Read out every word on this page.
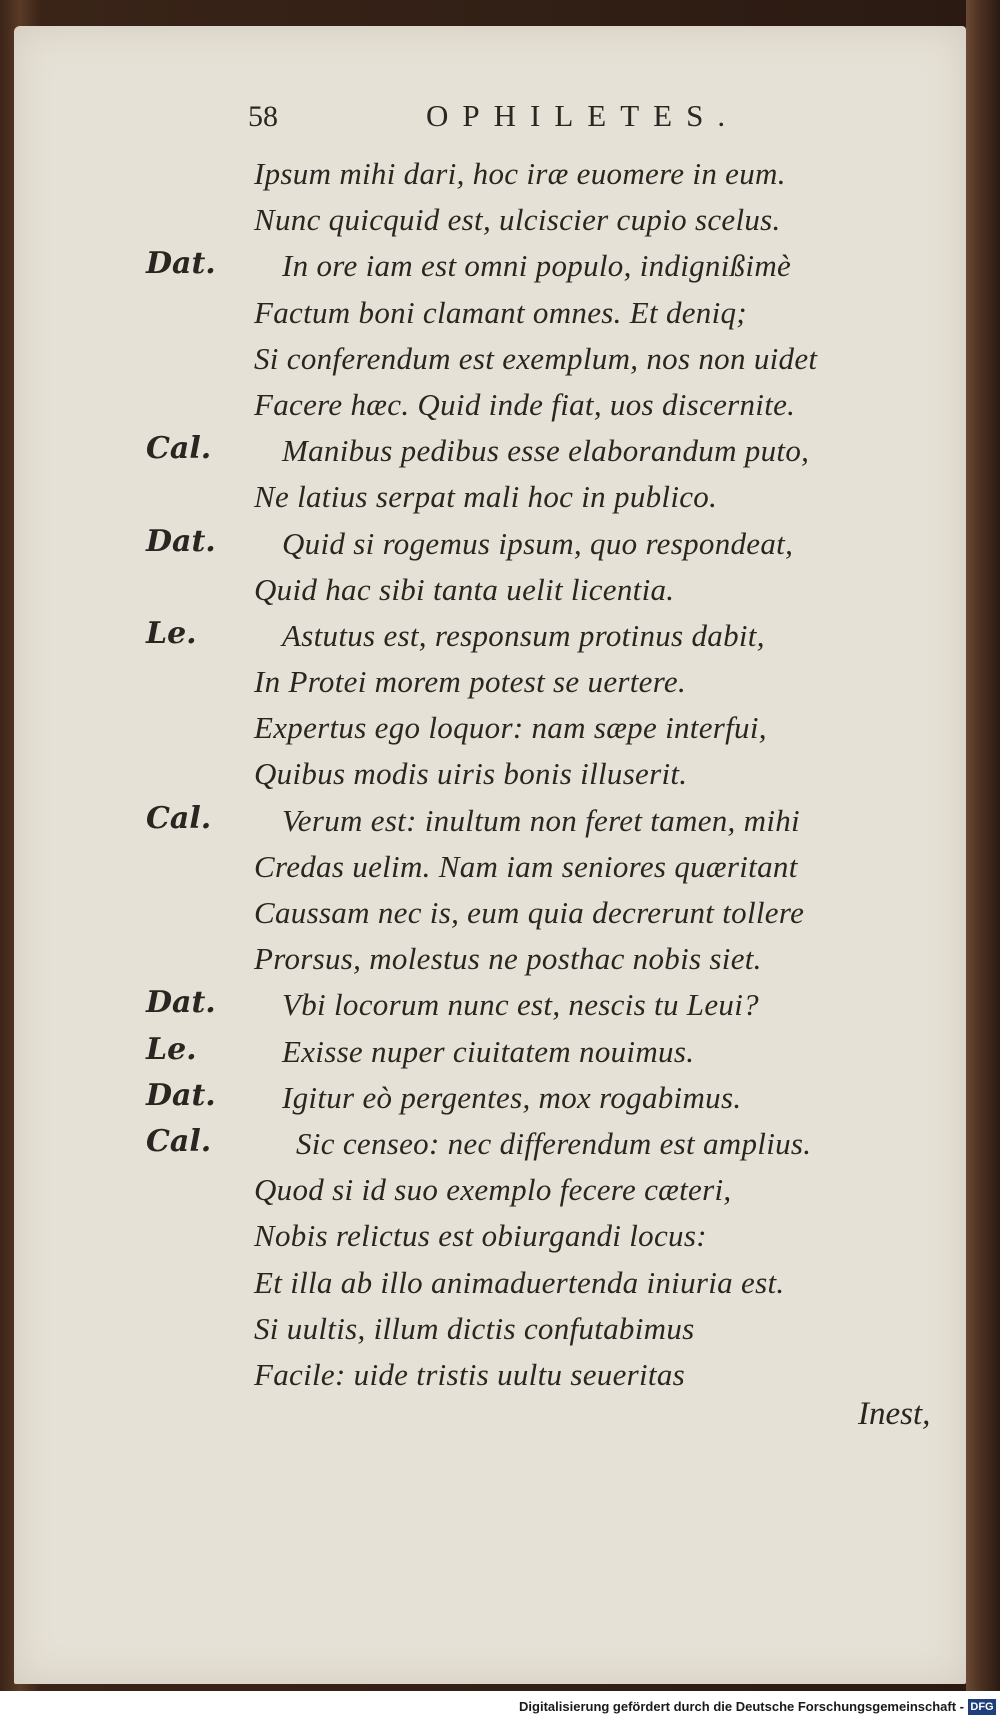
58	OPHILETES.
Ipsum mihi dari, hoc iræ euomere in eum.
Nunc quicquid est, ulciscier cupio scelus.
Dat. In ore iam est omni populo, indignißimè
Factum boni clamant omnes. Et deniq;
Si conferendum est exemplum, nos non uidet
Facere hæc. Quid inde fiat, uos discernite.
Cal. Manibus pedibus esse elaborandum puto,
Ne latius serpat mali hoc in publico.
Dat. Quid si rogemus ipsum, quo respondeat,
Quid hac sibi tanta uelit licentia.
Le.	Astutus est, responsum protinus dabit,
In Protei morem potest se uertere.
Expertus ego loquor: nam sæpe interfui,
Quibus modis uiris bonis illuserit.
Cal. Verum est: inultum non feret tamen, mihi
Credas uelim. Nam iam seniores quæritant
Caussam nec is, eum quia decrerunt tollere
Prorsus, molestus ne posthac nobis siet.
Dat. Vbi locorum nunc est, nescis tu Leui?
Le.	Exisse nuper ciuitatem nouimus.
Dat. Igitur eò pergentes, mox rogabimus.
Cal.	Sic censeo: nec differendum est amplius.
Quod si id suo exemplo fecere cæteri,
Nobis relictus est obiurgandi locus:
Et illa ab illo animaduertenda iniuria est.
Si uultis, illum dictis confutabimus
Facile: uide tristis uultu seueritas
Inest,
Digitalisierung gefördert durch die Deutsche Forschungsgemeinschaft - DFG
